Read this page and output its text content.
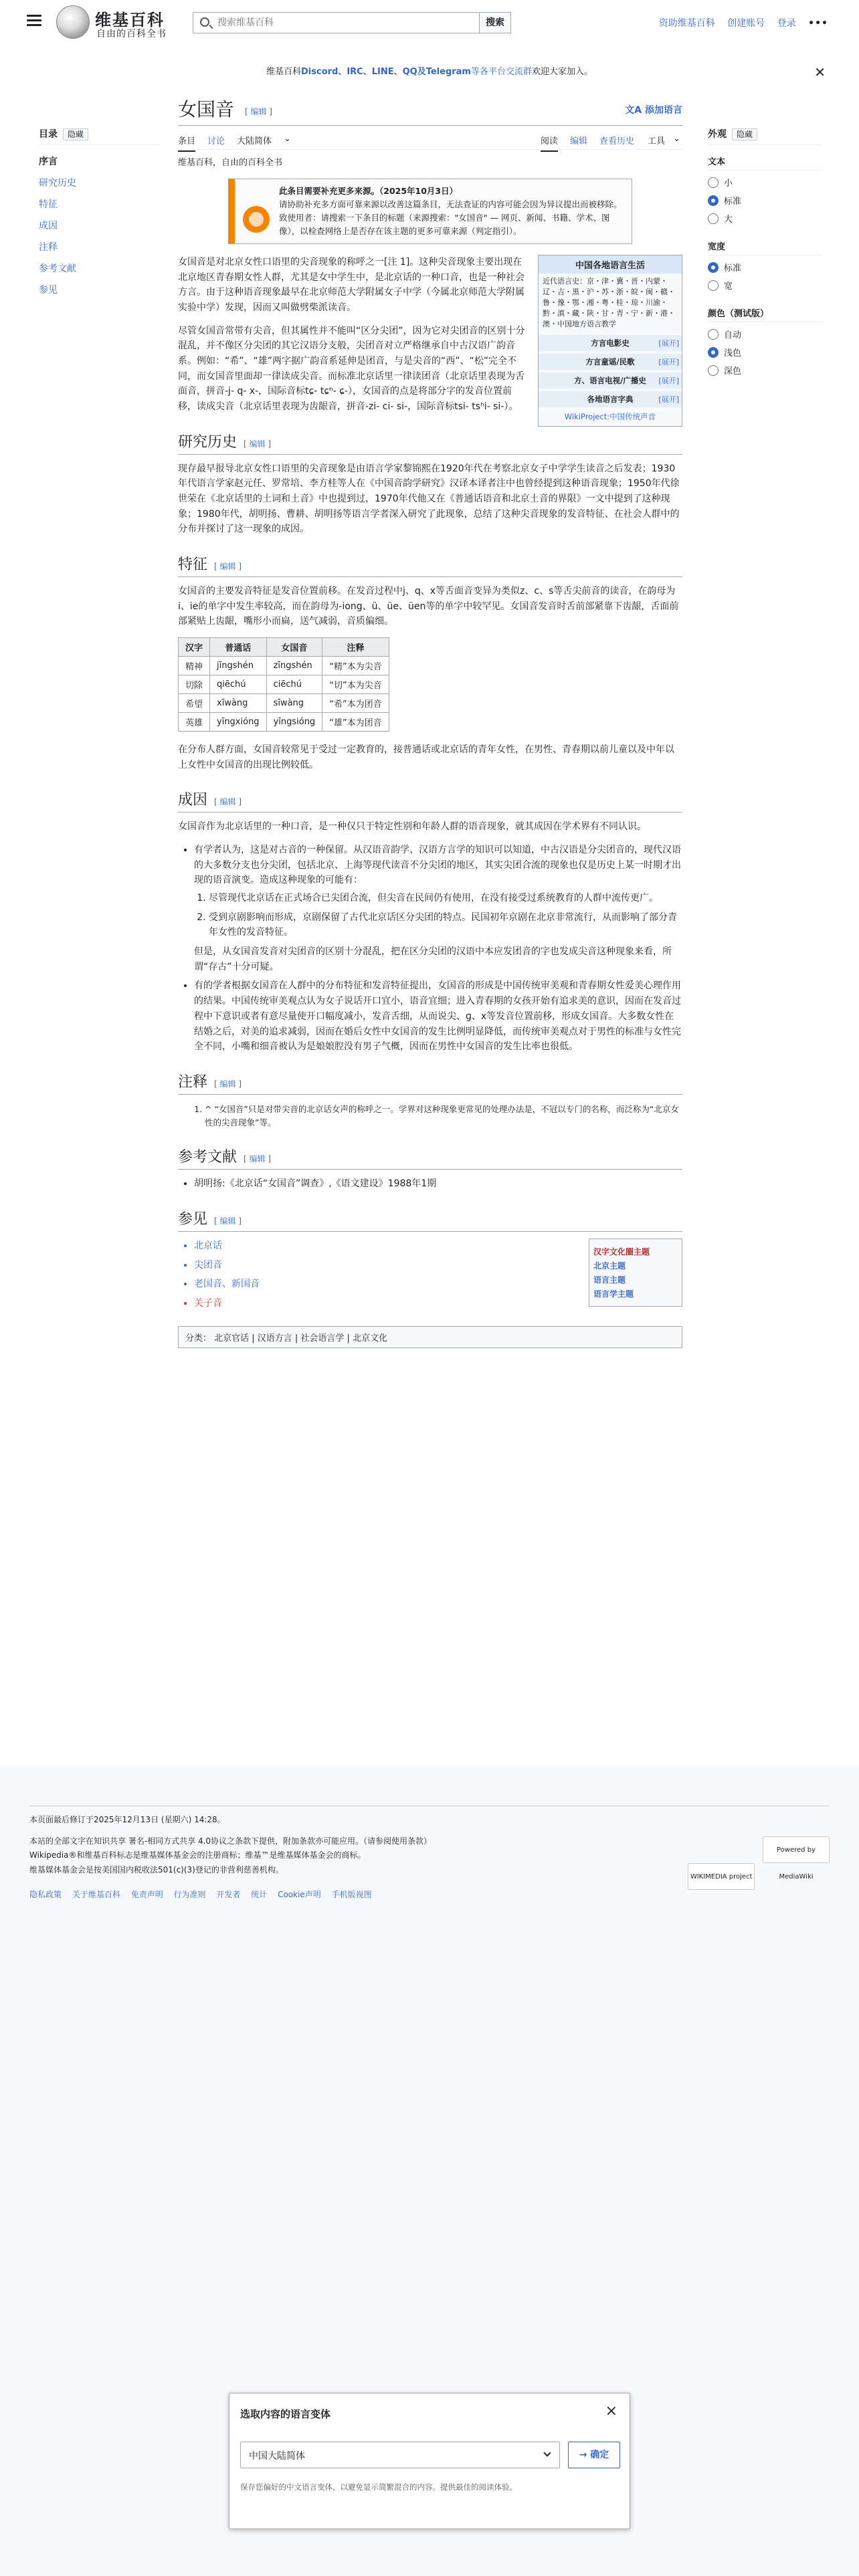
维基百科
自由的百科全书
搜索维基百科
搜索	资助维基百科 创建账号 登录 •••
维基百科Discord、IRC、LINE、QQ及Telegram等各平台交流群欢迎大家加入。	✕
目录 隐藏
序言
研究历史
特征
成因
注释
参考文献
参见
外观 隐藏
文本
小
标准
大
宽度
标准
宽
颜色（测试版）
自动
浅色
深色
女国音 [ 编辑 ]	文A 添加语言
条目 讨论 大陆简体 ⌄	阅读 编辑 查看历史 工具 ⌄
维基百科，自由的百科全书
此条目需要补充更多来源。（2025年10月3日）
请协助补充多方面可靠来源以改善这篇条目，无法查证的内容可能会因为异议提出而被移除。
致使用者：请搜索一下条目的标题（来源搜索："女国音" — 网页、新闻、书籍、学术、图像），以检查网络上是否存在该主题的更多可靠来源（判定指引）。
中国各地语言生活
近代语言史：京・津・冀・晋・内蒙・辽・吉・黑・沪・苏・浙・皖・闽・赣・鲁・豫・鄂・湘・粤・桂・琼・川渝・黔・滇・藏・陕・甘・青・宁・新・港・澳・中国地方语言教学
方言电影史	[展开]
方言童谣/民歌	[展开]
方、语言电视/广播史 [展开]
各地语言字典	[展开]
WikiProject:中国传统声音

女国音是对北京女性口语里的尖音现象的称呼之一[注 1]。这种尖音现象主要出现在北京地区青春期女性人群，尤其是女中学生中，是北京话的一种口音，也是一种社会方言。由于这种语音现象最早在北京师范大学附属女子中学（今属北京师范大学附属实验中学）发现，因而又叫做劈柴派读音。

尽管女国音常带有尖音，但其属性并不能叫“区分尖团”，因为它对尖团音的区别十分混乱，并不像区分尖团的其它汉语分支般，尖团音对立严格继承自中古汉语广韵音系。例如：“希”、“雄”两字据广韵音系延伸是团音，与是尖音的“西”、“松”完全不同，而女国音里面却一律读成尖音。而标准北京话里一律读团音（北京话里表现为舌面音，拼音-j- q- x-，国际音标tɕ- tɕʰ- ɕ-），女国音的点是将部分字的发音位置前移，读成尖音（北京话里表现为齿龈音，拼音-zi- ci- si-，国际音标tsi- tsʰi- si-）。

研究历史 [ 编辑 ]

现存最早报导北京女性口语里的尖音现象是由语言学家黎锦熙在1920年代在考察北京女子中学学生读音之后发表；1930年代语言学家赵元任、罗常培、李方桂等人在《中国音韵学研究》汉译本译者注中也曾经提到这种语音现象；1950年代徐世荣在《北京话里的土词和土音》中也提到过，1970年代他又在《普通话语音和北京土音的界限》一文中提到了这种现象；1980年代，胡明扬、曹耕、胡明扬等语言学者深入研究了此现象，总结了这种尖音现象的发音特征、在社会人群中的分布并探讨了这一现象的成因。

特征 [ 编辑 ]

女国音的主要发音特征是发音位置前移。在发音过程中j、q、x等舌面音变异为类似z、c、s等舌尖前音的读音，在韵母为i、ie的单字中发生率较高，而在韵母为-iong、ü、üe、üen等的单字中较罕见。女国音发音时舌前部紧靠下齿龈，舌面前部紧贴上齿龈，嘴形小而扁，送气减弱，音质偏细。

汉字	普通话	女国音	注释
精神	jīngshén	zīngshén	“精”本为尖音
切除	qiēchú	ciēchú	“切”本为尖音
希望	xīwàng	sīwàng	“希”本为团音
英雄	yīngxióng	yīngsióng	“雄”本为团音

在分布人群方面，女国音较常见于受过一定教育的，接普通话或北京话的青年女性，在男性、青春期以前儿童以及中年以上女性中女国音的出现比例较低。

成因 [ 编辑 ]

女国音作为北京话里的一种口音，是一种仅只于特定性别和年龄人群的语音现象，就其成因在学术界有不同认识。

• 有学者认为，这是对古音的一种保留。从汉语音韵学、汉语方言学的知识可以知道，中古汉语是分尖团音的，现代汉语的大多数分支也分尖团，包括北京、上海等现代读音不分尖团的地区，其实尖团合流的现象也仅是历史上某一时期才出现的语音演变。造成这种现象的可能有：
1. 尽管现代北京话在正式场合已尖团合流，但尖音在民间仍有使用，在没有接受过系统教育的人群中流传更广。
2. 受到京剧影响而形成，京剧保留了古代北京话区分尖团的特点。民国初年京剧在北京非常流行，从而影响了部分青年女性的发音特征。
但是，从女国音发音对尖团音的区别十分混乱，把在区分尖团的汉语中本应发团音的字也发成尖音这种现象来看，所谓“存古”十分可疑。
• 有的学者根据女国音在人群中的分布特征和发音特征提出，女国音的形成是中国传统审美观和青春期女性爱美心理作用的结果。中国传统审美观点认为女子说话开口宜小，语音宜细；进入青春期的女孩开始有追求美的意识，因而在发音过程中下意识或者有意尽量使开口幅度减小，发音舌细，从而说尖、ɡ、x等发音位置前移，形成女国音。大多数女性在结婚之后，对美的追求减弱，因而在婚后女性中女国音的发生比例明显降低，而传统审美观点对于男性的标准与女性完全不同，小嘴和细音被认为是娘娘腔没有男子气概，因而在男性中女国音的发生比率也很低。
注释 [ 编辑 ]
1. ^ “女国音”只是对带尖音的北京话女声的称呼之一。学界对这种现象更常见的处理办法是，不冠以专门的名称，而泛称为“北京女性的尖音现象”等。
参考文献 [ 编辑 ]
• 胡明扬:《北京话“女国音”调查》,《语文建设》1988年1期
参见 [ 编辑 ]
汉字文化圈主题
北京主题
语言主题
语言学主题
• 北京话
• 尖团音
• 老国音、新国音
• 关子音
分类： 北京官话 | 汉语方言 | 社会语言学 | 北京文化
本页面最后修订于2025年12月13日 (星期六) 14:28。
本站的全部文字在知识共享 署名-相同方式共享 4.0协议之条款下提供，附加条款亦可能应用。（请参阅使用条款）
Wikipedia®和维基百科标志是维基媒体基金会的注册商标；维基™是维基媒体基金会的商标。
维基媒体基金会是按美国国内税收法501(c)(3)登记的非营利慈善机构。
隐私政策 关于维基百科 免责声明 行为准则 开发者 统计 Cookie声明 手机版视图
WIKIMEDIA project Powered by MediaWiki
选取内容的语言变体	×
中国大陆简体	→ 确定
保存您偏好的中文语言变体，以避免显示简繁混合的内容。提供最佳的阅读体验。
